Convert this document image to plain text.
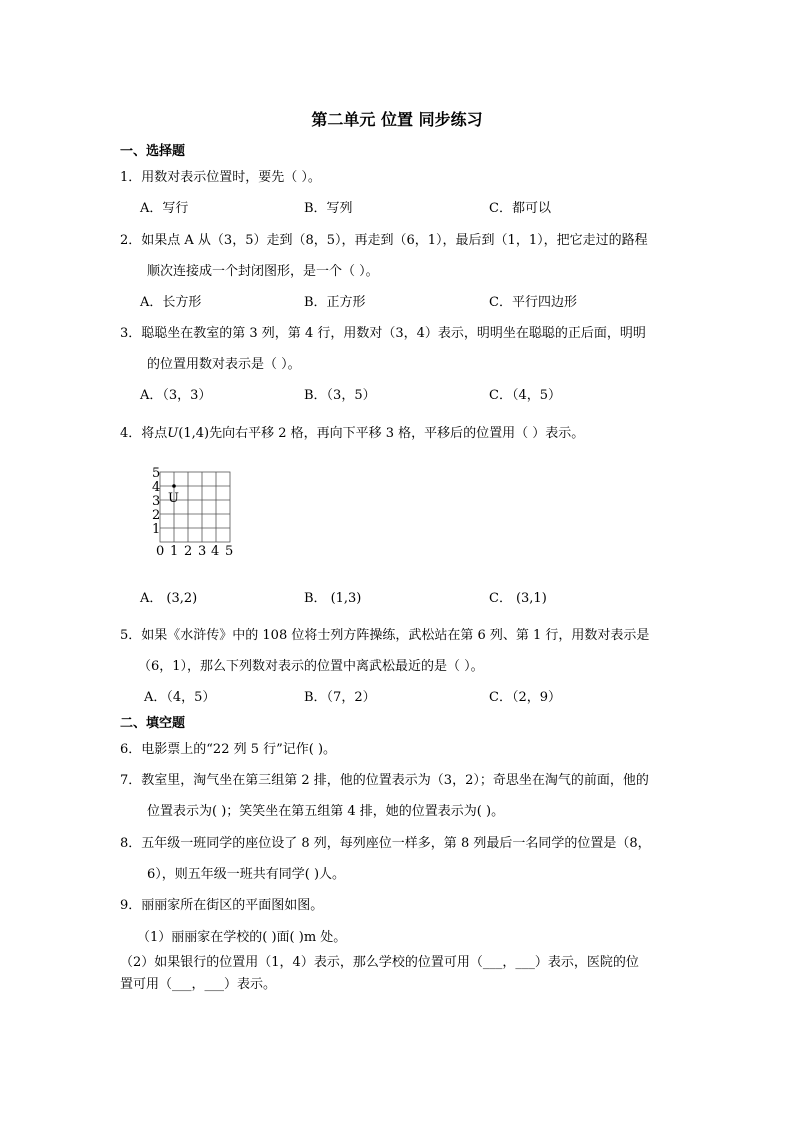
第二单元 位置 同步练习
一、选择题
1．用数对表示位置时，要先（ ）。
A．写行	B．写列	C．都可以
2．如果点 A 从（3，5）走到（8，5），再走到（6，1），最后到（1，1），把它走过的路程
顺次连接成一个封闭图形，是一个（ ）。
A．长方形	B．正方形	C．平行四边形
3．聪聪坐在教室的第 3 列，第 4 行，用数对（3，4）表示，明明坐在聪聪的正后面，明明
的位置用数对表示是（ ）。
A．（3，3）	B．（3，5）	C．（4，5）
4．将点U(1,4)先向右平移 2 格，再向下平移 3 格，平移后的位置用（ ）表示。
U
5
4
3
2
1
0 1 2 3 4 5
A． (3,2)	B． (1,3)	C． (3,1)
5．如果《水浒传》中的 108 位将士列方阵操练，武松站在第 6 列、第 1 行，用数对表示是
（6，1），那么下列数对表示的位置中离武松最近的是（ ）。
A．（4，5）	B．（7，2）	C．（2，9）
二、填空题
6．电影票上的“22 列 5 行”记作( )。
7．教室里，淘气坐在第三组第 2 排，他的位置表示为（3，2）；奇思坐在淘气的前面，他的
位置表示为( )；笑笑坐在第五组第 4 排，她的位置表示为( )。
8．五年级一班同学的座位设了 8 列，每列座位一样多，第 8 列最后一名同学的位置是（8，
6），则五年级一班共有同学( )人。
9．丽丽家所在街区的平面图如图。
（1）丽丽家在学校的( )面( )m 处。
（2）如果银行的位置用（1，4）表示，那么学校的位置可用（___，___）表示，医院的位
置可用（___，___）表示。
